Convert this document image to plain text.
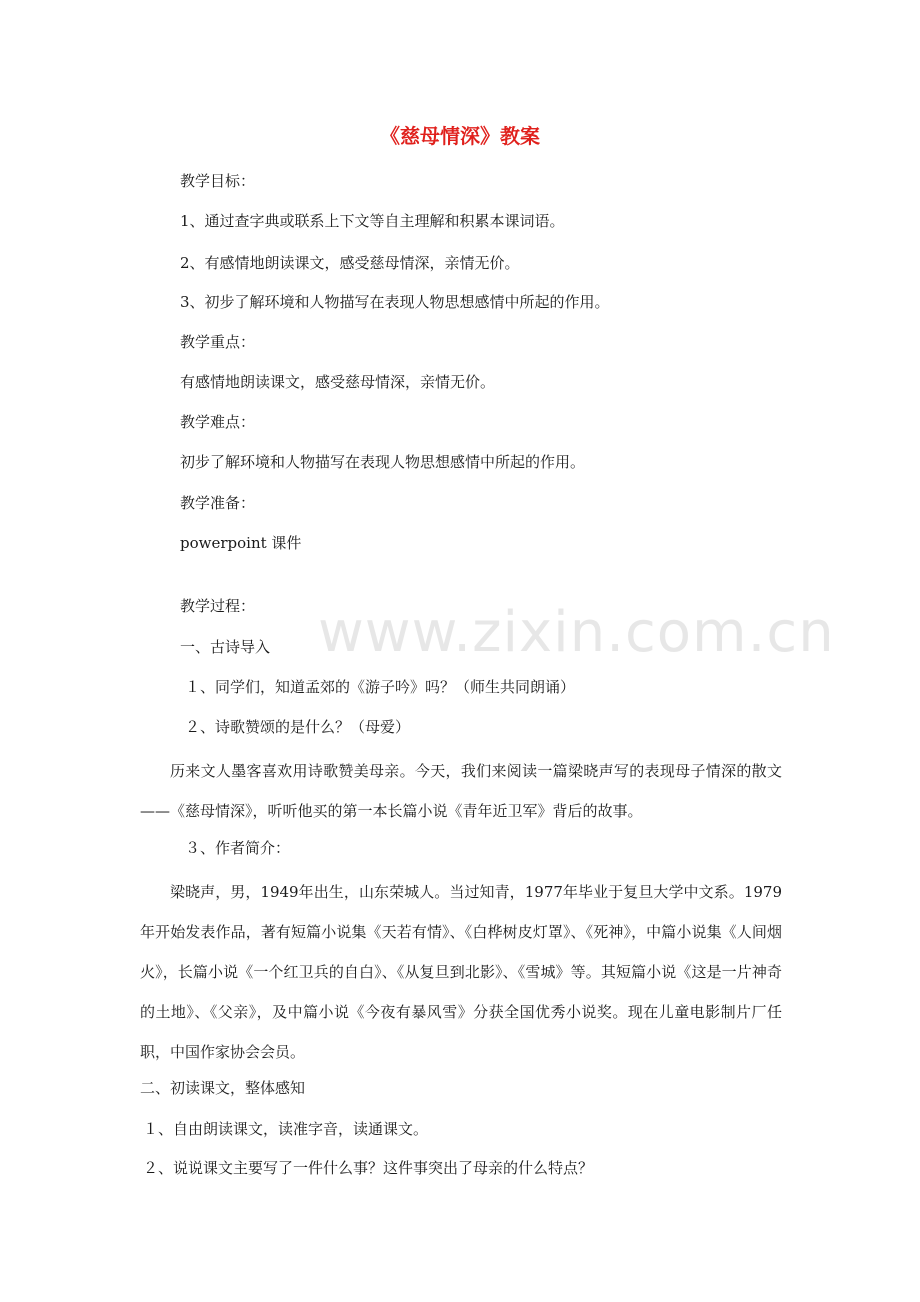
《慈母情深》教案
教学目标：
1、通过查字典或联系上下文等自主理解和积累本课词语。
2、有感情地朗读课文，感受慈母情深，亲情无价。
3、初步了解环境和人物描写在表现人物思想感情中所起的作用。
教学重点：
有感情地朗读课文，感受慈母情深，亲情无价。
教学难点：
初步了解环境和人物描写在表现人物思想感情中所起的作用。
教学准备：
powerpoint 课件
教学过程： www.zixin.com.cn
一、古诗导入
１、同学们，知道孟郊的《游子吟》吗？（师生共同朗诵）
２、诗歌赞颂的是什么？（母爱）
历来文人墨客喜欢用诗歌赞美母亲。今天，我们来阅读一篇梁晓声写的表现母子情深的散文——《慈母情深》，听听他买的第一本长篇小说《青年近卫军》背后的故事。
３、作者简介：
梁晓声，男，1949年出生，山东荣城人。当过知青，1977年毕业于复旦大学中文系。1979年开始发表作品，著有短篇小说集《天若有情》、《白桦树皮灯罩》、《死神》，中篇小说集《人间烟火》，长篇小说《一个红卫兵的自白》、《从复旦到北影》、《雪城》等。其短篇小说《这是一片神奇的土地》、《父亲》，及中篇小说《今夜有暴风雪》分获全国优秀小说奖。现在儿童电影制片厂任职，中国作家协会会员。
二、初读课文，整体感知
１、自由朗读课文，读准字音，读通课文。
２、说说课文主要写了一件什么事？这件事突出了母亲的什么特点？
